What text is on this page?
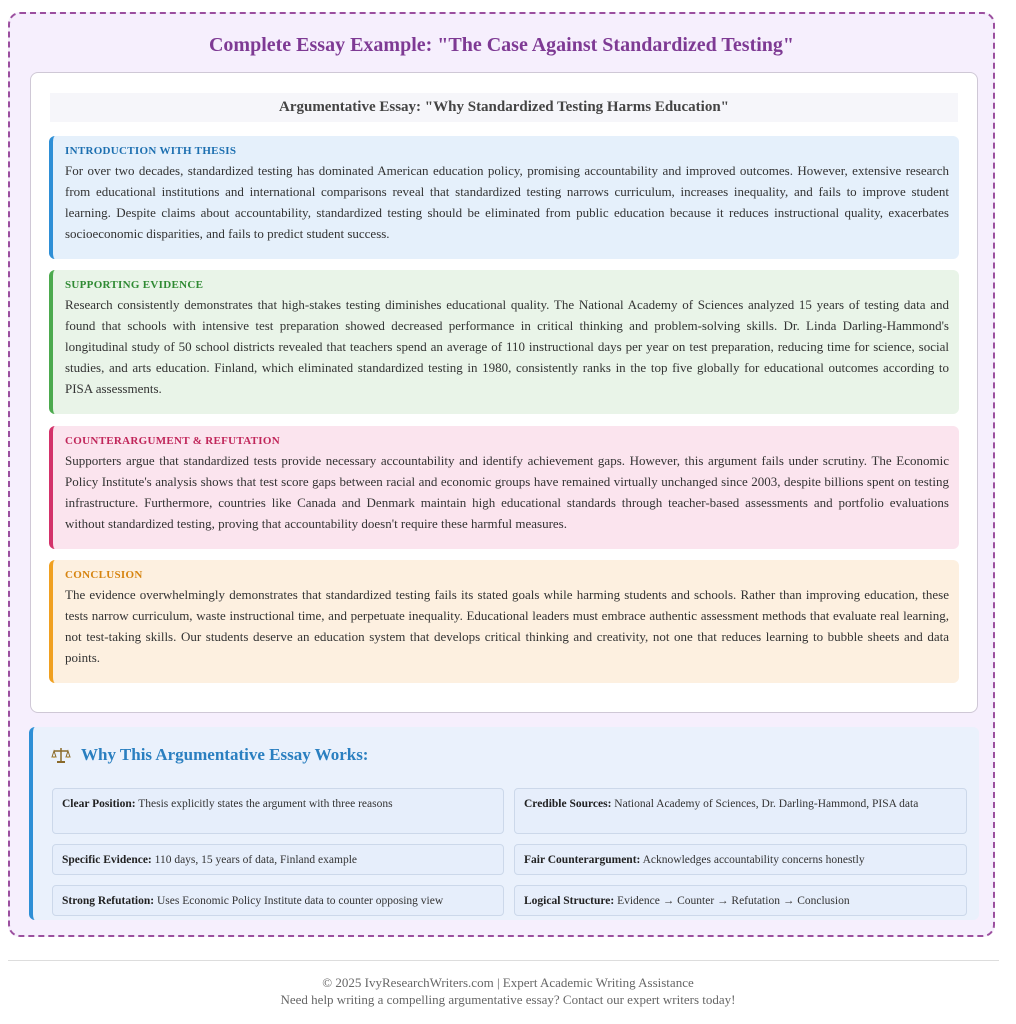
Complete Essay Example: "The Case Against Standardized Testing"
Argumentative Essay: "Why Standardized Testing Harms Education"
INTRODUCTION WITH THESIS
For over two decades, standardized testing has dominated American education policy, promising accountability and improved outcomes. However, extensive research from educational institutions and international comparisons reveal that standardized testing narrows curriculum, increases inequality, and fails to improve student learning. Despite claims about accountability, standardized testing should be eliminated from public education because it reduces instructional quality, exacerbates socioeconomic disparities, and fails to predict student success.
SUPPORTING EVIDENCE
Research consistently demonstrates that high-stakes testing diminishes educational quality. The National Academy of Sciences analyzed 15 years of testing data and found that schools with intensive test preparation showed decreased performance in critical thinking and problem-solving skills. Dr. Linda Darling-Hammond's longitudinal study of 50 school districts revealed that teachers spend an average of 110 instructional days per year on test preparation, reducing time for science, social studies, and arts education. Finland, which eliminated standardized testing in 1980, consistently ranks in the top five globally for educational outcomes according to PISA assessments.
COUNTERARGUMENT & REFUTATION
Supporters argue that standardized tests provide necessary accountability and identify achievement gaps. However, this argument fails under scrutiny. The Economic Policy Institute's analysis shows that test score gaps between racial and economic groups have remained virtually unchanged since 2003, despite billions spent on testing infrastructure. Furthermore, countries like Canada and Denmark maintain high educational standards through teacher-based assessments and portfolio evaluations without standardized testing, proving that accountability doesn't require these harmful measures.
CONCLUSION
The evidence overwhelmingly demonstrates that standardized testing fails its stated goals while harming students and schools. Rather than improving education, these tests narrow curriculum, waste instructional time, and perpetuate inequality. Educational leaders must embrace authentic assessment methods that evaluate real learning, not test-taking skills. Our students deserve an education system that develops critical thinking and creativity, not one that reduces learning to bubble sheets and data points.
Why This Argumentative Essay Works:
Clear Position: Thesis explicitly states the argument with three reasons	Credible Sources: National Academy of Sciences, Dr. Darling-Hammond, PISA data
Specific Evidence: 110 days, 15 years of data, Finland example	Fair Counterargument: Acknowledges accountability concerns honestly
Strong Refutation: Uses Economic Policy Institute data to counter opposing view	Logical Structure: Evidence → Counter → Refutation → Conclusion
© 2025 IvyResearchWriters.com | Expert Academic Writing Assistance
Need help writing a compelling argumentative essay? Contact our expert writers today!
